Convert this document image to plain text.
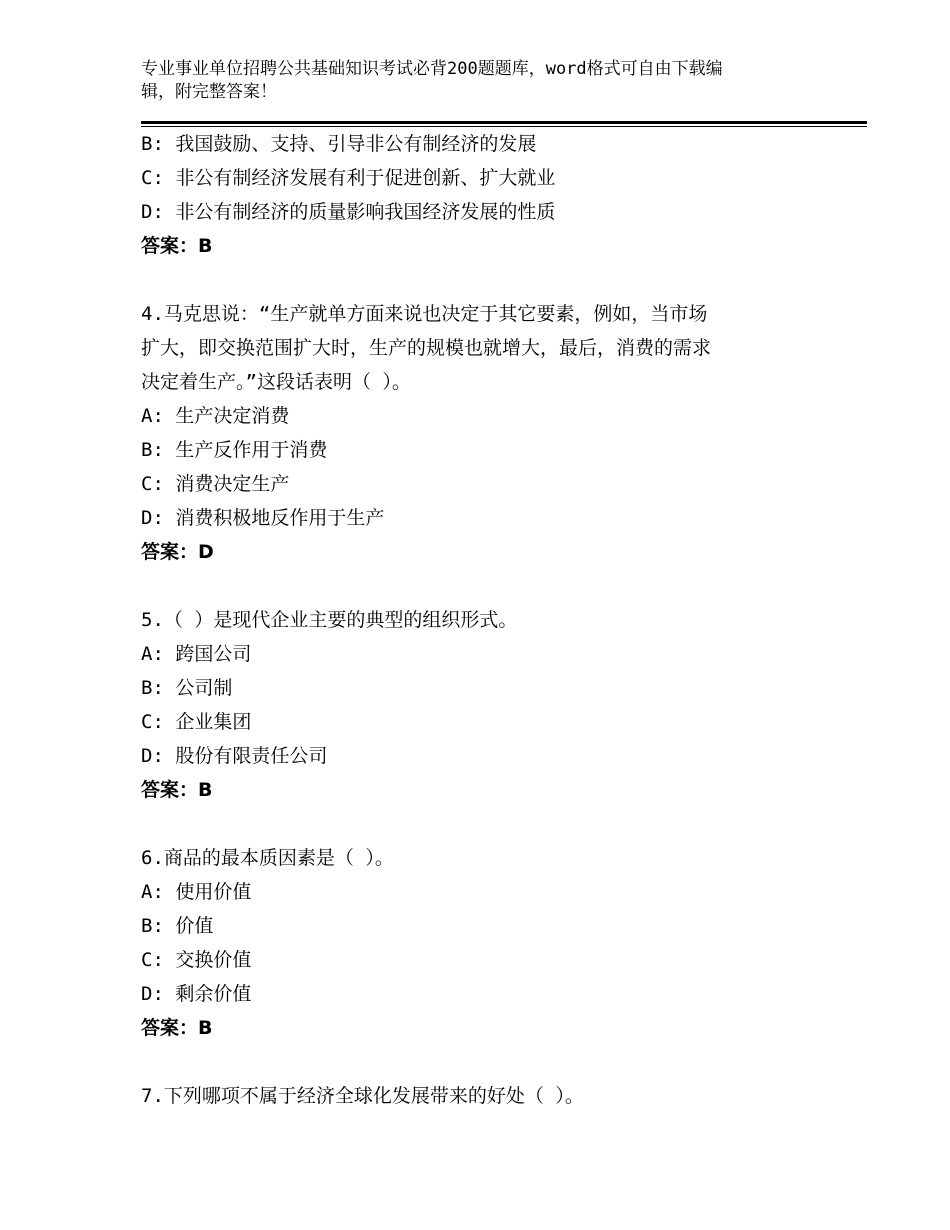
专业事业单位招聘公共基础知识考试必背200题题库，word格式可自由下载编
辑，附完整答案！
B: 我国鼓励、支持、引导非公有制经济的发展
C: 非公有制经济发展有利于促进创新、扩大就业
D: 非公有制经济的质量影响我国经济发展的性质
答案：B
4.马克思说：“生产就单方面来说也决定于其它要素，例如，当市场
扩大，即交换范围扩大时，生产的规模也就增大，最后，消费的需求
决定着生产。”这段话表明（ ）。
A: 生产决定消费
B: 生产反作用于消费
C: 消费决定生产
D: 消费积极地反作用于生产
答案：D
5.（ ）是现代企业主要的典型的组织形式。
A: 跨国公司
B: 公司制
C: 企业集团
D: 股份有限责任公司
答案：B
6.商品的最本质因素是（ ）。
A: 使用价值
B: 价值
C: 交换价值
D: 剩余价值
答案：B
7.下列哪项不属于经济全球化发展带来的好处（ ）。
